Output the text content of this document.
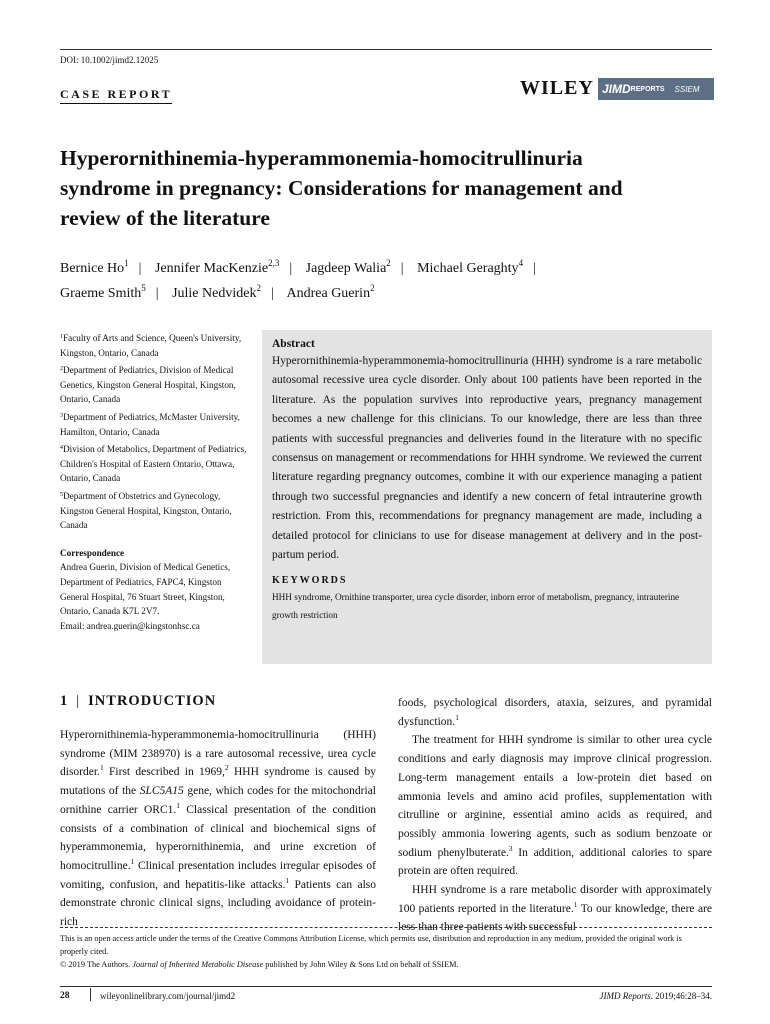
DOI: 10.1002/jimd2.12025
CASE REPORT	WILEY JIMD REPORTS SSIEM
Hyperornithinemia-hyperammonemia-homocitrullinuria syndrome in pregnancy: Considerations for management and review of the literature
Bernice Ho$^1$ | Jennifer MacKenzie$^{2,3}$ | Jagdeep Walia$^2$ | Michael Geraghty$^4$ |
Graeme Smith$^5$ | Julie Nedvidek$^2$ | Andrea Guerin$^2$

$^1$Faculty of Arts and Science, Queen's University, Kingston, Ontario, Canada

$^2$Department of Pediatrics, Division of Medical Genetics, Kingston General Hospital, Kingston, Ontario, Canada

$^3$Department of Pediatrics, McMaster University, Hamilton, Ontario, Canada

$^4$Division of Metabolics, Department of Pediatrics, Children's Hospital of Eastern Ontario, Ottawa, Ontario, Canada

$^5$Department of Obstetrics and Gynecology, Kingston General Hospital, Kingston, Ontario, Canada

Correspondence

Andrea Guerin, Division of Medical Genetics, Department of Pediatrics, FAPC4, Kingston General Hospital, 76 Stuart Street, Kingston, Ontario, Canada K7L 2V7.
Email: andrea.guerin@kingstonhsc.ca

Abstract
Hyperornithinemia-hyperammonemia-homocitrullinuria (HHH) syndrome is a rare metabolic autosomal recessive urea cycle disorder. Only about 100 patients have been reported in the literature. As the population survives into reproductive years, pregnancy management becomes a new challenge for this clinicians. To our knowledge, there are less than three patients with successful pregnancies and deliveries found in the literature with no specific consensus on management or recommendations for HHH syndrome. We reviewed the current literature regarding pregnancy outcomes, combine it with our experience managing a patient through two successful pregnancies and identify a new concern of fetal intrauterine growth restriction. From this, recommendations for pregnancy management are made, including a detailed protocol for clinicians to use for disease management at delivery and in the post-partum period.
KEYWORDS
HHH syndrome, Ornithine transporter, urea cycle disorder, inborn error of metabolism, pregnancy, intrauterine growth restriction
1 | INTRODUCTION

Hyperornithinemia-hyperammonemia-homocitrullinuria (HHH) syndrome (MIM 238970) is a rare autosomal recessive, urea cycle disorder.$^1$ First described in 1969,$^2$ HHH syndrome is caused by mutations of the SLC5A15 gene, which codes for the mitochondrial ornithine carrier ORC1.$^1$ Classical presentation of the condition consists of a combination of clinical and biochemical signs of hyperammonemia, hyperornithinemia, and urine excretion of homocitrulline.$^1$ Clinical presentation includes irregular episodes of vomiting, confusion, and hepatitis-like attacks.$^1$ Patients can also demonstrate chronic clinical signs, including avoidance of protein-rich

foods, psychological disorders, ataxia, seizures, and pyramidal dysfunction.$^1$

The treatment for HHH syndrome is similar to other urea cycle conditions and early diagnosis may improve clinical progression. Long-term management entails a low-protein diet based on ammonia levels and amino acid profiles, supplementation with citrulline or arginine, essential amino acids as required, and possibly ammonia lowering agents, such as sodium benzoate or sodium phenylbuterate.$^3$ In addition, additional calories to spare protein are often required.

HHH syndrome is a rare metabolic disorder with approximately 100 patients reported in the literature.$^1$ To our knowledge, there are less than three patients with successful

This is an open access article under the terms of the Creative Commons Attribution License, which permits use, distribution and reproduction in any medium, provided the original work is properly cited.

© 2019 The Authors. Journal of Inherited Metabolic Disease published by John Wiley & Sons Ltd on behalf of SSIEM.

28	wileyonlinelibrary.com/journal/jimd2	JIMD Reports. 2019;46:28–34.
